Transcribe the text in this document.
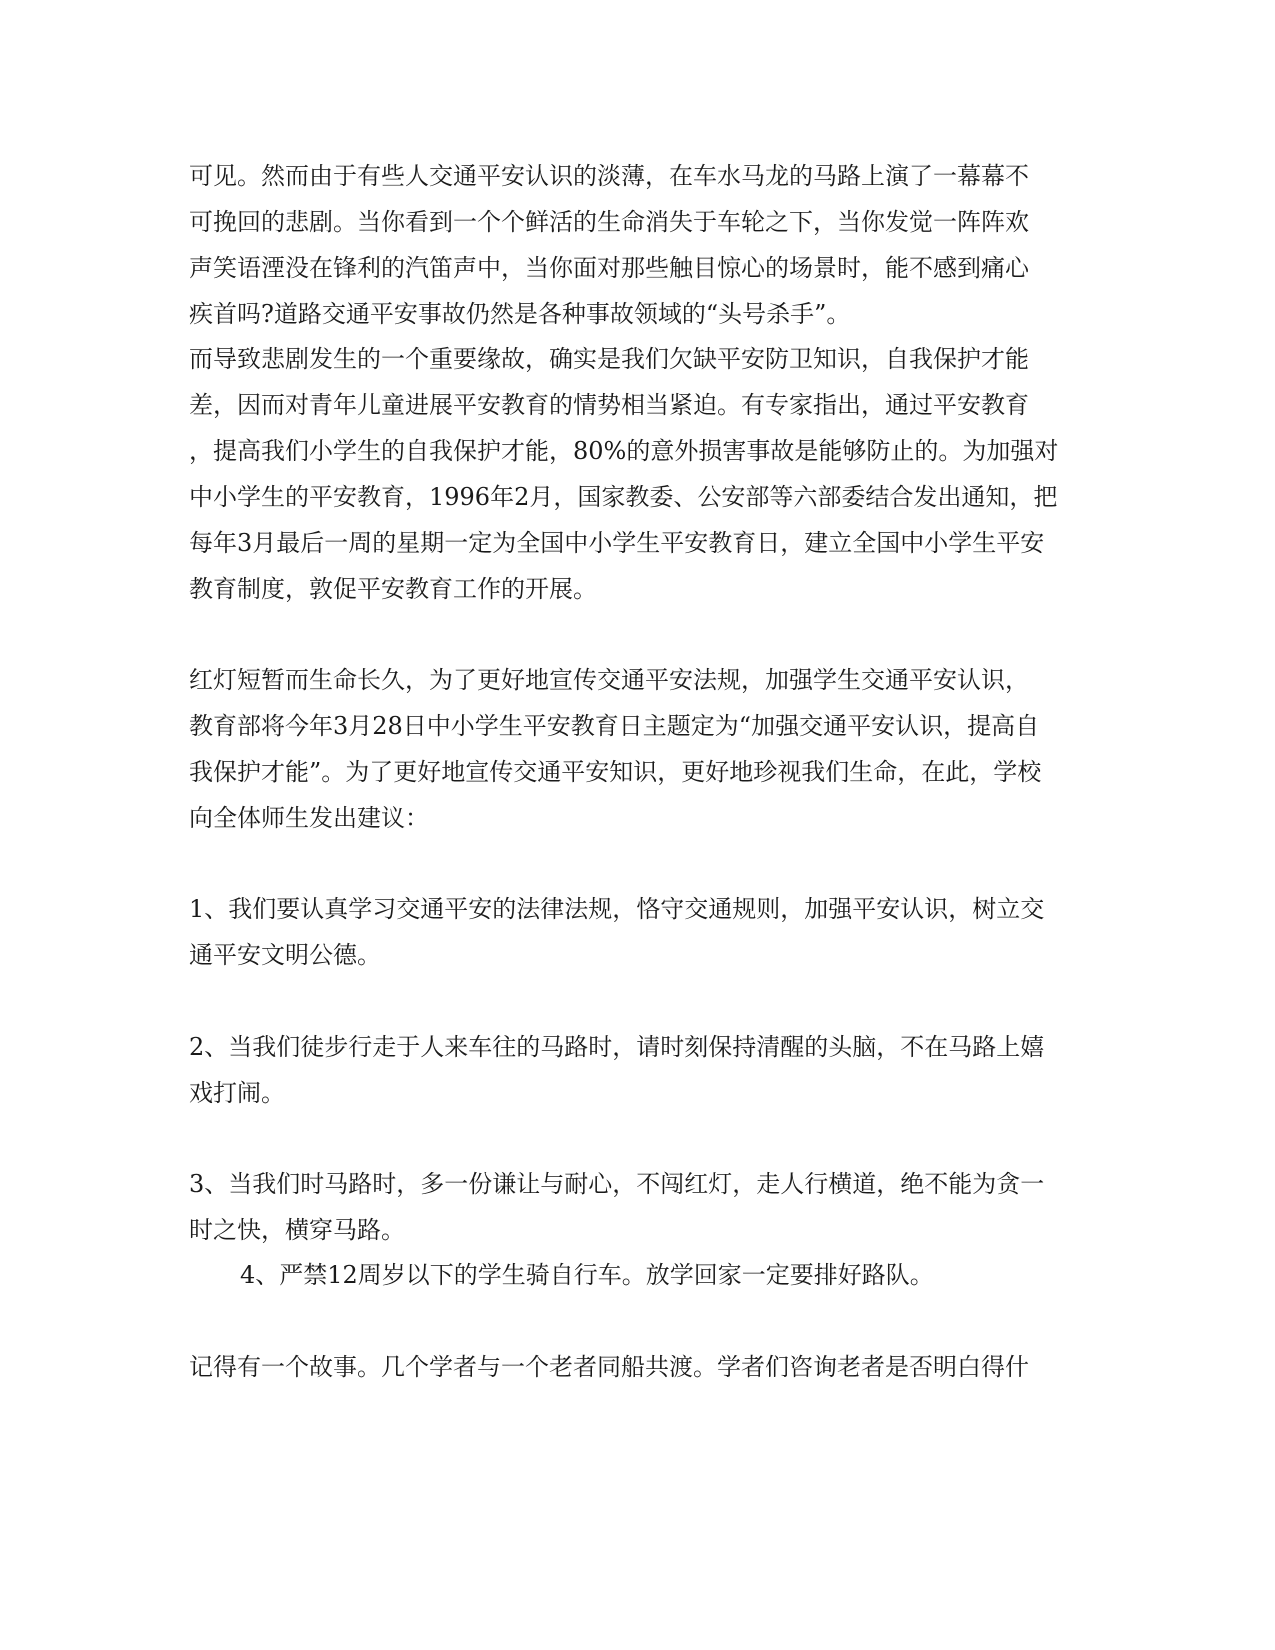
可见。然而由于有些人交通平安认识的淡薄，在车水马龙的马路上演了一幕幕不

可挽回的悲剧。当你看到一个个鲜活的生命消失于车轮之下，当你发觉一阵阵欢

声笑语湮没在锋利的汽笛声中，当你面对那些触目惊心的场景时，能不感到痛心

疾首吗?道路交通平安事故仍然是各种事故领域的“头号杀手”。

而导致悲剧发生的一个重要缘故，确实是我们欠缺平安防卫知识，自我保护才能

差，因而对青年儿童进展平安教育的情势相当紧迫。有专家指出，通过平安教育

，提高我们小学生的自我保护才能，80%的意外损害事故是能够防止的。为加强对

中小学生的平安教育，1996年2月，国家教委、公安部等六部委结合发出通知，把

每年3月最后一周的星期一定为全国中小学生平安教育日，建立全国中小学生平安

教育制度，敦促平安教育工作的开展。

红灯短暂而生命长久，为了更好地宣传交通平安法规，加强学生交通平安认识，

教育部将今年3月28日中小学生平安教育日主题定为“加强交通平安认识，提高自

我保护才能”。为了更好地宣传交通平安知识，更好地珍视我们生命，在此，学校

向全体师生发出建议：

1、我们要认真学习交通平安的法律法规，恪守交通规则，加强平安认识，树立交

通平安文明公德。

2、当我们徒步行走于人来车往的马路时，请时刻保持清醒的头脑，不在马路上嬉

戏打闹。

3、当我们时马路时，多一份谦让与耐心，不闯红灯，走人行横道，绝不能为贪一

时之快，横穿马路。

4、严禁12周岁以下的学生骑自行车。放学回家一定要排好路队。

记得有一个故事。几个学者与一个老者同船共渡。学者们咨询老者是否明白得什
